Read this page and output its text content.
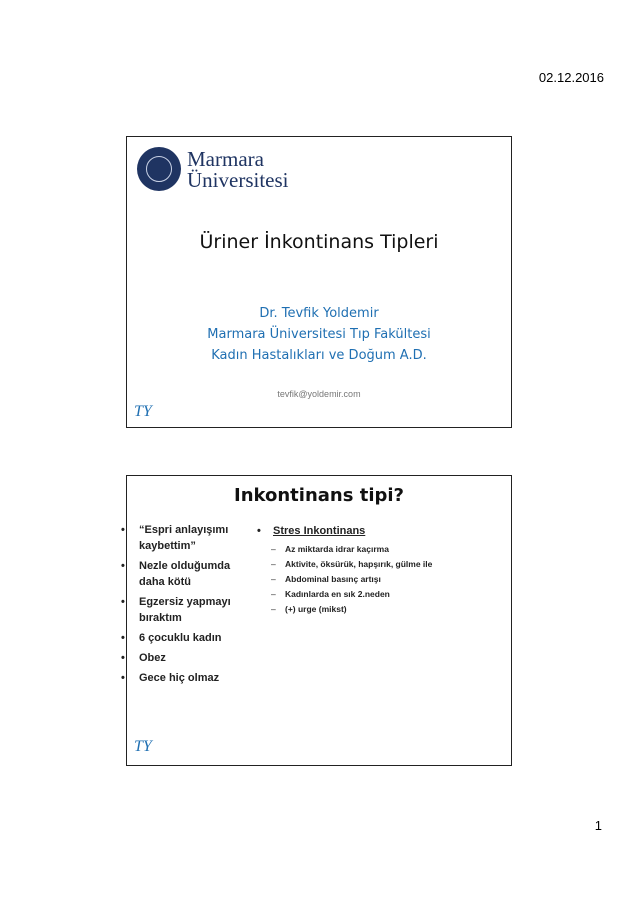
02.12.2016
Marmara
Üniversitesi
Üriner İnkontinans Tipleri
Dr. Tevfik Yoldemir
Marmara Üniversitesi Tıp Fakültesi
Kadın Hastalıkları ve Doğum A.D.
tevfik@yoldemir.com
TY
Inkontinans tipi?
• “Espri anlayışımı kaybettim”
• Nezle olduğumda daha kötü
• Egzersiz yapmayı bıraktım
• 6 çocuklu kadın
• Obez
• Gece hiç olmaz
• Stres Inkontinans
– Az miktarda idrar kaçırma
– Aktivite, öksürük, hapşırık, gülme ile
– Abdominal basınç artışı
– Kadınlarda en sık 2.neden
– (+) urge (mikst)
TY
1
